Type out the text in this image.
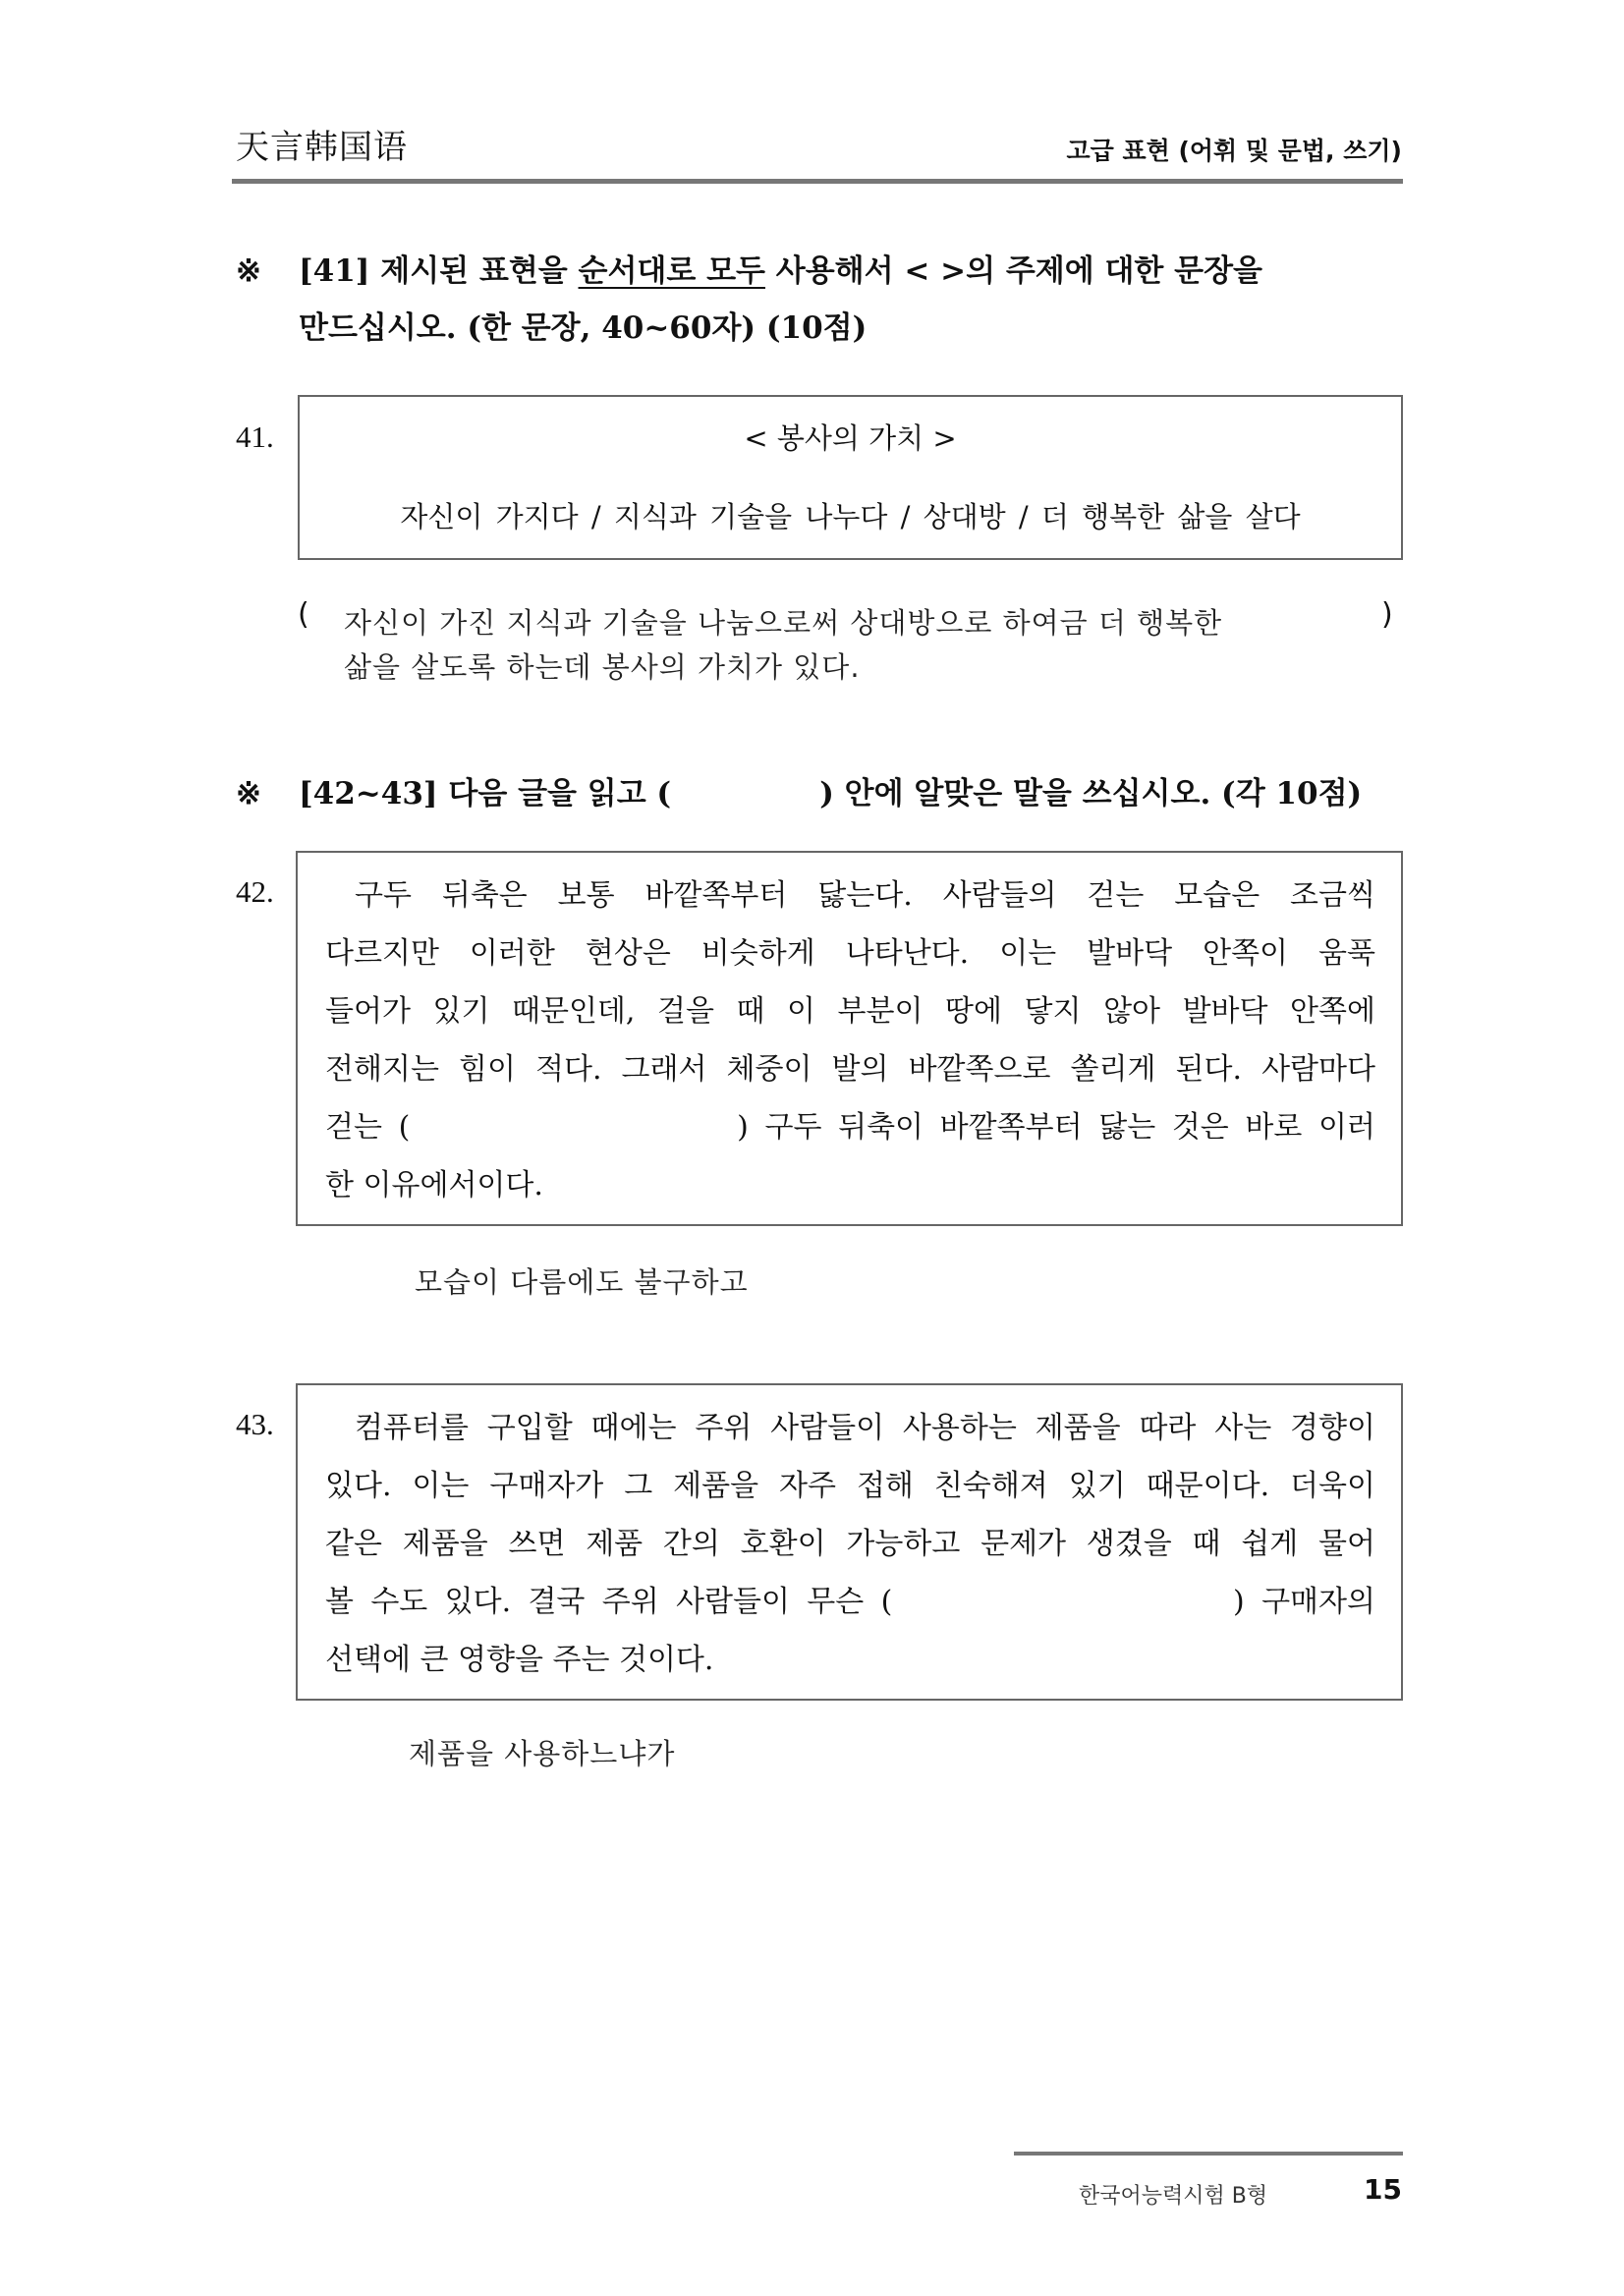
天言韩国语	고급 표현 (어휘 및 문법, 쓰기)
※ [41] 제시된 표현을 순서대로 모두 사용해서 < >의 주제에 대한 문장을
만드십시오. (한 문장, 40~60자) (10점)
41.	< 봉사의 가치 >
자신이 가지다 / 지식과 기술을 나누다 / 상대방 / 더 행복한 삶을 살다
(	)
자신이 가진 지식과 기술을 나눔으로써 상대방으로 하여금 더 행복한
삶을 살도록 하는데 봉사의 가치가 있다.
※ [42~43] 다음 글을 읽고 (              ) 안에 알맞은 말을 쓰십시오. (각 10점)
42.	구두 뒤축은 보통 바깥쪽부터 닳는다. 사람들의 걷는 모습은 조금씩
다르지만 이러한 현상은 비슷하게 나타난다. 이는 발바닥 안쪽이 움푹
들어가 있기 때문인데, 걸을 때 이 부분이 땅에 닿지 않아 발바닥 안쪽에
전해지는 힘이 적다. 그래서 체중이 발의 바깥쪽으로 쏠리게 된다. 사람마다
걷는 (                    ) 구두 뒤축이 바깥쪽부터 닳는 것은 바로 이러
한 이유에서이다.
모습이 다름에도 불구하고
43.	컴퓨터를 구입할 때에는 주위 사람들이 사용하는 제품을 따라 사는 경향이
있다. 이는 구매자가 그 제품을 자주 접해 친숙해져 있기 때문이다. 더욱이
같은 제품을 쓰면 제품 간의 호환이 가능하고 문제가 생겼을 때 쉽게 물어
볼 수도 있다. 결국 주위 사람들이 무슨 (                    ) 구매자의
선택에 큰 영향을 주는 것이다.
제품을 사용하느냐가
한국어능력시험 B형	15
